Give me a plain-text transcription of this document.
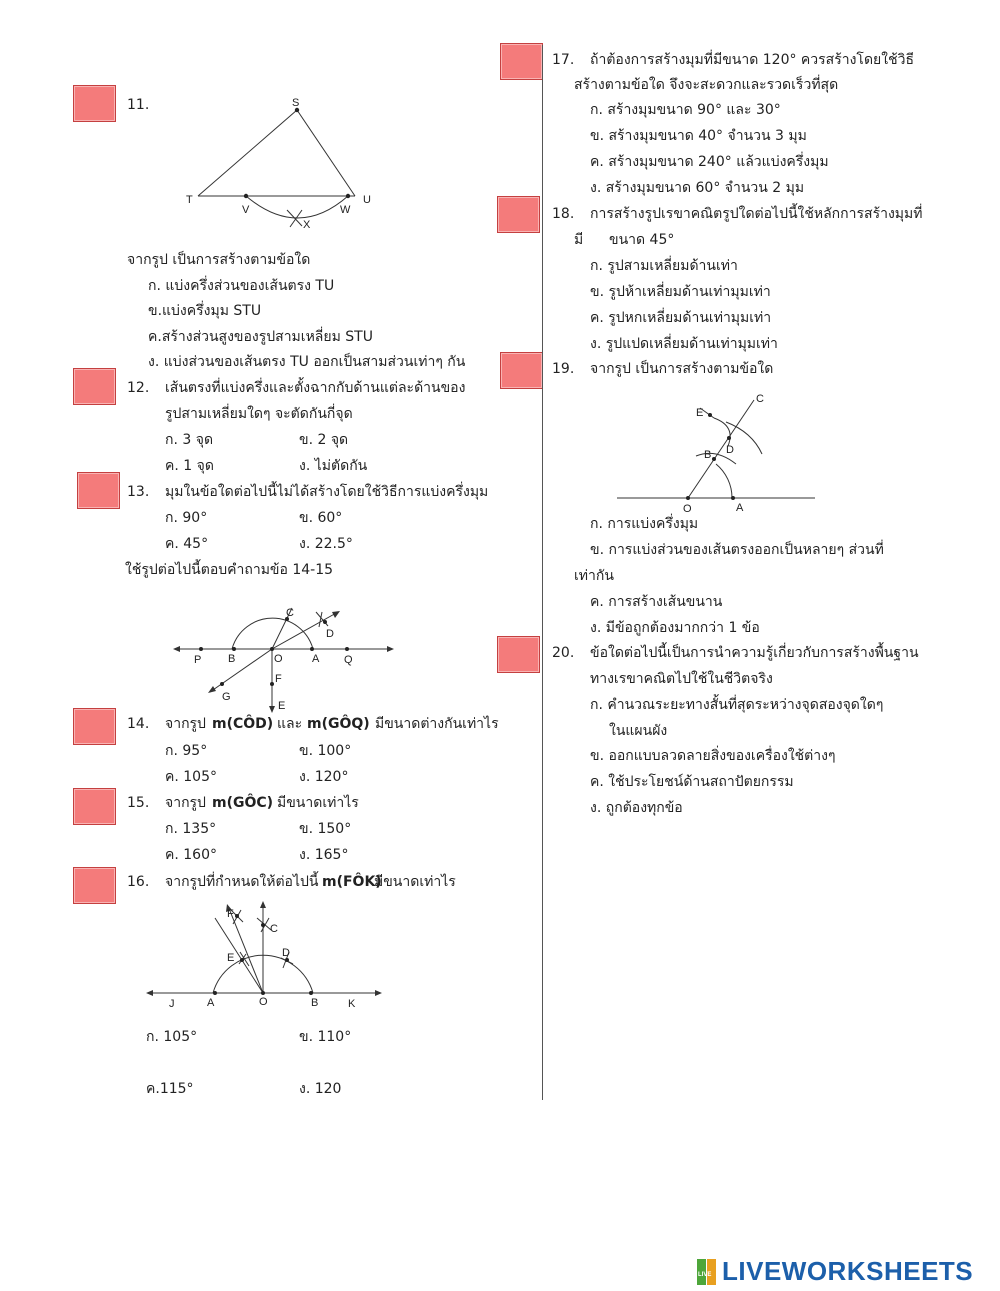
11.	S
T	U
V	W
X
จากรูป เป็นการสร้างตามข้อใด
ก. แบ่งครึ่งส่วนของเส้นตรง TU
ข.แบ่งครึ่งมุม STU
ค.สร้างส่วนสูงของรูปสามเหลี่ยม STU
ง. แบ่งส่วนของเส้นตรง TU ออกเป็นสามส่วนเท่าๆ กัน
12. เส้นตรงที่แบ่งครึ่งและตั้งฉากกับด้านแต่ละด้านของ
รูปสามเหลี่ยมใดๆ จะตัดกันกี่จุด
ก. 3 จุด	ข. 2 จุด
ค. 1 จุด	ง. ไม่ตัดกัน
13. มุมในข้อใดต่อไปนี้ไม่ได้สร้างโดยใช้วิธีการแบ่งครึ่งมุม
ก. 90°	ข. 60°
ค. 45°	ง. 22.5°
ใช้รูปต่อไปนี้ตอบคำถามข้อ 14-15
C
D
P B	O	A Q
F
G
E
14. จากรูป m(CÔD) และ m(GÔQ) มีขนาดต่างกันเท่าไร
ก. 95°	ข. 100°
ค. 105°	ง. 120°
15. จากรูป m(GÔC) มีขนาดเท่าไร
ก. 135°	ข. 150°
ค. 160°	ง. 165°
16. จากรูปที่กำหนดให้ต่อไปนี้ m(FÔK)
มีขนาดเท่าไร
J	A	O	B	K
E
F
C
D
ก. 105°	ข. 110°
ค.115°	ง. 120
17. ถ้าต้องการสร้างมุมที่มีขนาด 120° ควรสร้างโดยใช้วิธี
สร้างตามข้อใด จึงจะสะดวกและรวดเร็วที่สุด
ก. สร้างมุมขนาด 90° และ 30°
ข. สร้างมุมขนาด 40° จำนวน 3 มุม
ค. สร้างมุมขนาด 240° แล้วแบ่งครึ่งมุม
ง. สร้างมุมขนาด 60° จำนวน 2 มุม
18. การสร้างรูปเรขาคณิตรูปใดต่อไปนี้ใช้หลักการสร้างมุมที่
มี ขนาด 45°
ก. รูปสามเหลี่ยมด้านเท่า
ข. รูปห้าเหลี่ยมด้านเท่ามุมเท่า
ค. รูปหกเหลี่ยมด้านเท่ามุมเท่า
ง. รูปแปดเหลี่ยมด้านเท่ามุมเท่า
19. จากรูป เป็นการสร้างตามข้อใด
C
E
D
B
O	A
ก. การแบ่งครึ่งมุม
ข. การแบ่งส่วนของเส้นตรงออกเป็นหลายๆ ส่วนที่
เท่ากัน
ค. การสร้างเส้นขนาน
ง. มีข้อถูกต้องมากกว่า 1 ข้อ
20. ข้อใดต่อไปนี้เป็นการนำความรู้เกี่ยวกับการสร้างพื้นฐาน
ทางเรขาคณิตไปใช้ในชีวิตจริง
ก. คำนวณระยะทางสั้นที่สุดระหว่างจุดสองจุดใดๆ
ในแผนผัง
ข. ออกแบบลวดลายสิ่งของเครื่องใช้ต่างๆ
ค. ใช้ประโยชน์ด้านสถาปัตยกรรม
ง. ถูกต้องทุกข้อ
LIVE LIVEWORKSHEETS
